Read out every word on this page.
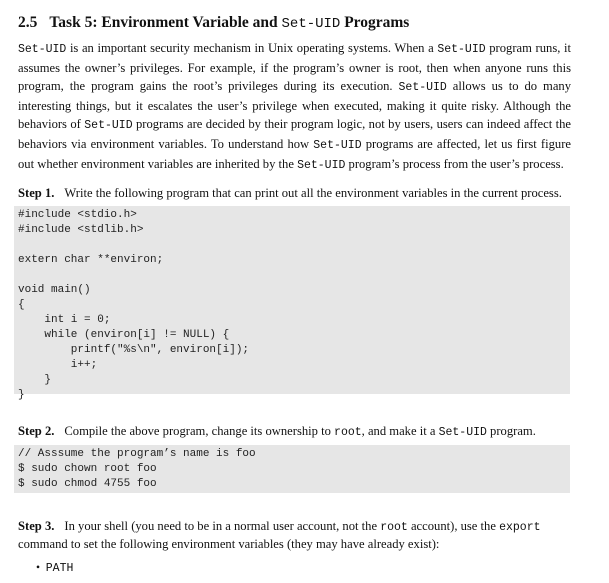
2.5 Task 5: Environment Variable and Set-UID Programs
Set-UID is an important security mechanism in Unix operating systems. When a Set-UID program runs, it assumes the owner’s privileges. For example, if the program’s owner is root, then when anyone runs this program, the program gains the root’s privileges during its execution. Set-UID allows us to do many interesting things, but it escalates the user’s privilege when executed, making it quite risky. Although the behaviors of Set-UID programs are decided by their program logic, not by users, users can indeed affect the behaviors via environment variables. To understand how Set-UID programs are affected, let us first figure out whether environment variables are inherited by the Set-UID program’s process from the user’s process.
Step 1. Write the following program that can print out all the environment variables in the current process.
#include <stdio.h>
#include <stdlib.h>

extern char **environ;

void main()
{
int i = 0;
while (environ[i] != NULL) {
printf("%s\n", environ[i]);
i++;
}
}
Step 2. Compile the above program, change its ownership to root, and make it a Set-UID program.
// Asssume the program’s name is foo
$ sudo chown root foo
$ sudo chmod 4755 foo
Step 3. In your shell (you need to be in a normal user account, not the root account), use the export
command to set the following environment variables (they may have already exist):
• PATH
